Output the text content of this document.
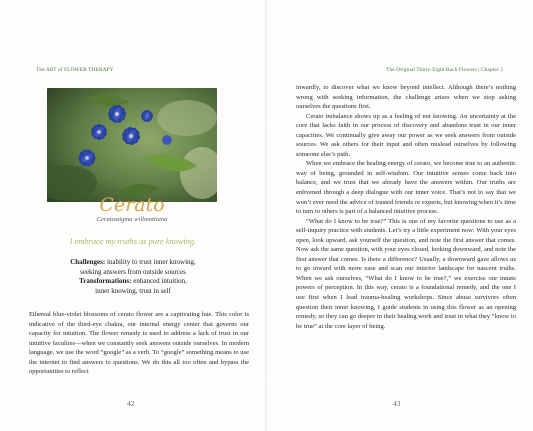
The ART of FLOWER THERAPY
Cerato
Ceratostigma willmottiana
I embrace my truths as pure knowing.
Challenges: inability to trust inner knowing,
seeking answers from outside sources
Transformations: enhanced intuition,
inner knowing, trust in self

Ethereal blue-violet blossoms of cerato flower are a captivating hue. This color is indicative of the third-eye chakra, our internal energy center that governs our capacity for intuition. The flower remedy is used to address a lack of trust in our intuitive faculties—when we constantly seek answers outside ourselves. In modern language, we use the word “google” as a verb. To “google” something means to use the internet to find answers to questions. We do this all too often and bypass the opportunities to reflect

42
The Original Thirty-Eight Bach Flowers | Chapter 2

inwardly, to discover what we know beyond intellect. Although there’s nothing wrong with seeking information, the challenge arises when we stop asking ourselves the questions first.

Cerato imbalance shows up as a feeling of not knowing. An uncertainty at the core that lacks faith in our process of discovery and abandons trust in our inner capacities. We continually give away our power as we seek answers from outside sources. We ask others for their input and often mislead ourselves by following someone else’s path.

When we embrace the healing energy of cerato, we become true to an authentic way of being, grounded in self-wisdom. Our intuitive senses come back into balance, and we trust that we already have the answers within. Our truths are enlivened through a deep dialogue with our inner voice. That’s not to say that we won’t ever need the advice of trusted friends or experts, but knowing when it’s time to turn to others is part of a balanced intuitive process.

“What do I know to be true?” This is one of my favorite questions to use as a self-inquiry practice with students. Let’s try a little experiment now: With your eyes open, look upward, ask yourself the question, and note the first answer that comes. Now ask the same question, with your eyes closed, looking downward, and note the first answer that comes. Is there a difference? Usually, a downward gaze allows us to go inward with more ease and scan our interior landscape for nascent truths. When we ask ourselves, “What do I know to be true?,” we exercise our innate powers of perception. In this way, cerato is a foundational remedy, and the one I use first when I lead trauma-healing workshops. Since abuse survivors often question their inner knowing, I guide students in using this flower as an opening remedy, so they can go deeper in their healing work and trust in what they “know to be true” at the core layer of being.

43
